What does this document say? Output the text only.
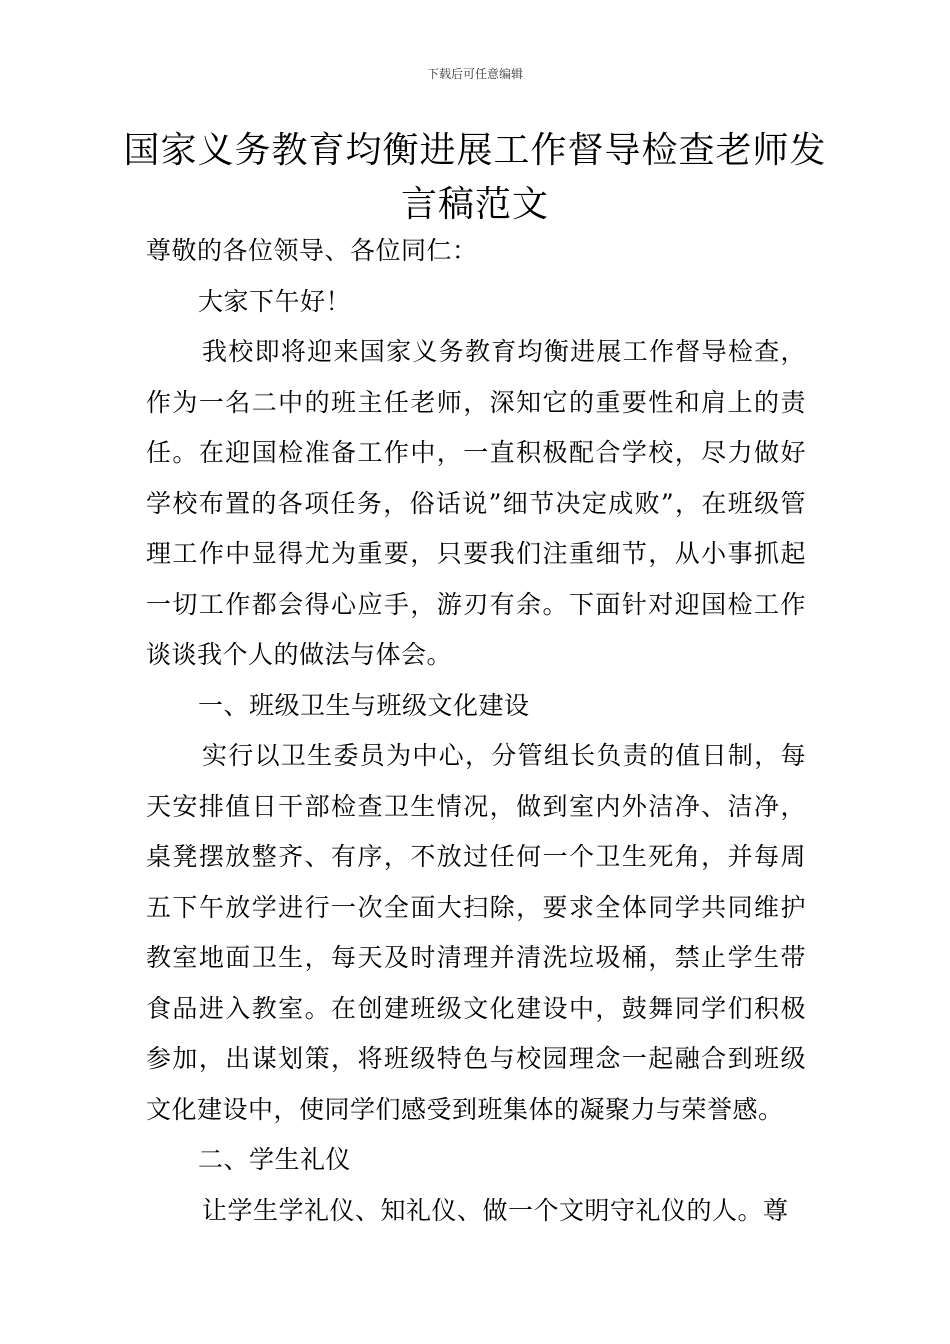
下载后可任意编辑
国家义务教育均衡进展工作督导检查老师发言稿范文

尊敬的各位领导、各位同仁：

大家下午好！

我校即将迎来国家义务教育均衡进展工作督导检查，作为一名二中的班主任老师，深知它的重要性和肩上的责任。在迎国检准备工作中，一直积极配合学校，尽力做好学校布置的各项任务，俗话说”细节决定成败”，在班级管理工作中显得尤为重要，只要我们注重细节，从小事抓起一切工作都会得心应手，游刃有余。下面针对迎国检工作谈谈我个人的做法与体会。

一、班级卫生与班级文化建设

实行以卫生委员为中心，分管组长负责的值日制，每天安排值日干部检查卫生情况，做到室内外洁净、洁净，桌凳摆放整齐、有序，不放过任何一个卫生死角，并每周五下午放学进行一次全面大扫除，要求全体同学共同维护教室地面卫生，每天及时清理并清洗垃圾桶，禁止学生带食品进入教室。在创建班级文化建设中，鼓舞同学们积极参加，出谋划策，将班级特色与校园理念一起融合到班级文化建设中，使同学们感受到班集体的凝聚力与荣誉感。

二、学生礼仪

让学生学礼仪、知礼仪、做一个文明守礼仪的人。尊
